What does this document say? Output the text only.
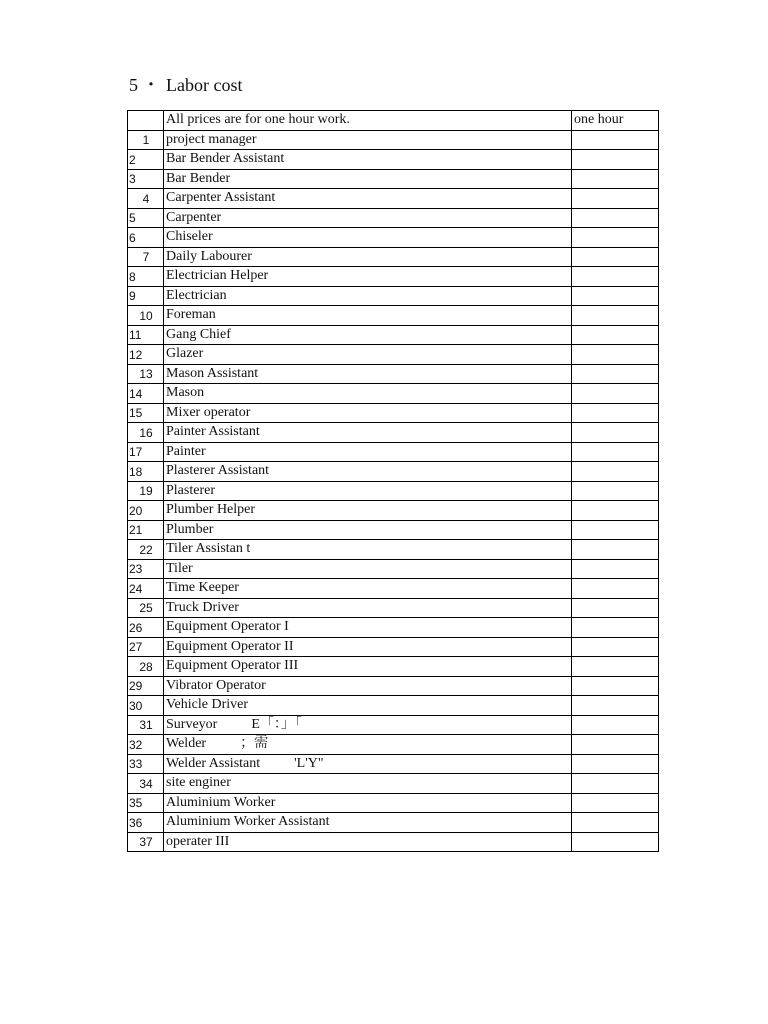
5 ・ Labor cost
	All prices are for one hour work.	one hour
1	project manager	
2	Bar Bender Assistant	
3	Bar Bender	
4	Carpenter Assistant	
5	Carpenter	
6	Chiseler	
7	Daily Labourer	
8	Electrician Helper	
9	Electrician	
10	Foreman	
11	Gang Chief	
12	Glazer	
13	Mason Assistant	
14	Mason	
15	Mixer operator	
16	Painter Assistant	
17	Painter	
18	Plasterer Assistant	
19	Plasterer	
20	Plumber Helper	
21	Plumber	
22	Tiler Assistan t	
23	Tiler	
24	Time Keeper	
25	Truck Driver	
26	Equipment Operator I	
27	Equipment Operator II	
28	Equipment Operator III	
29	Vibrator Operator	
30	Vehicle Driver	
31	Surveyor E「：」「	
32	Welder ；需	
33	Welder Assistant 'L'Y"	
34	site enginer	
35	Aluminium Worker	
36	Aluminium Worker Assistant	
37	operater III	
